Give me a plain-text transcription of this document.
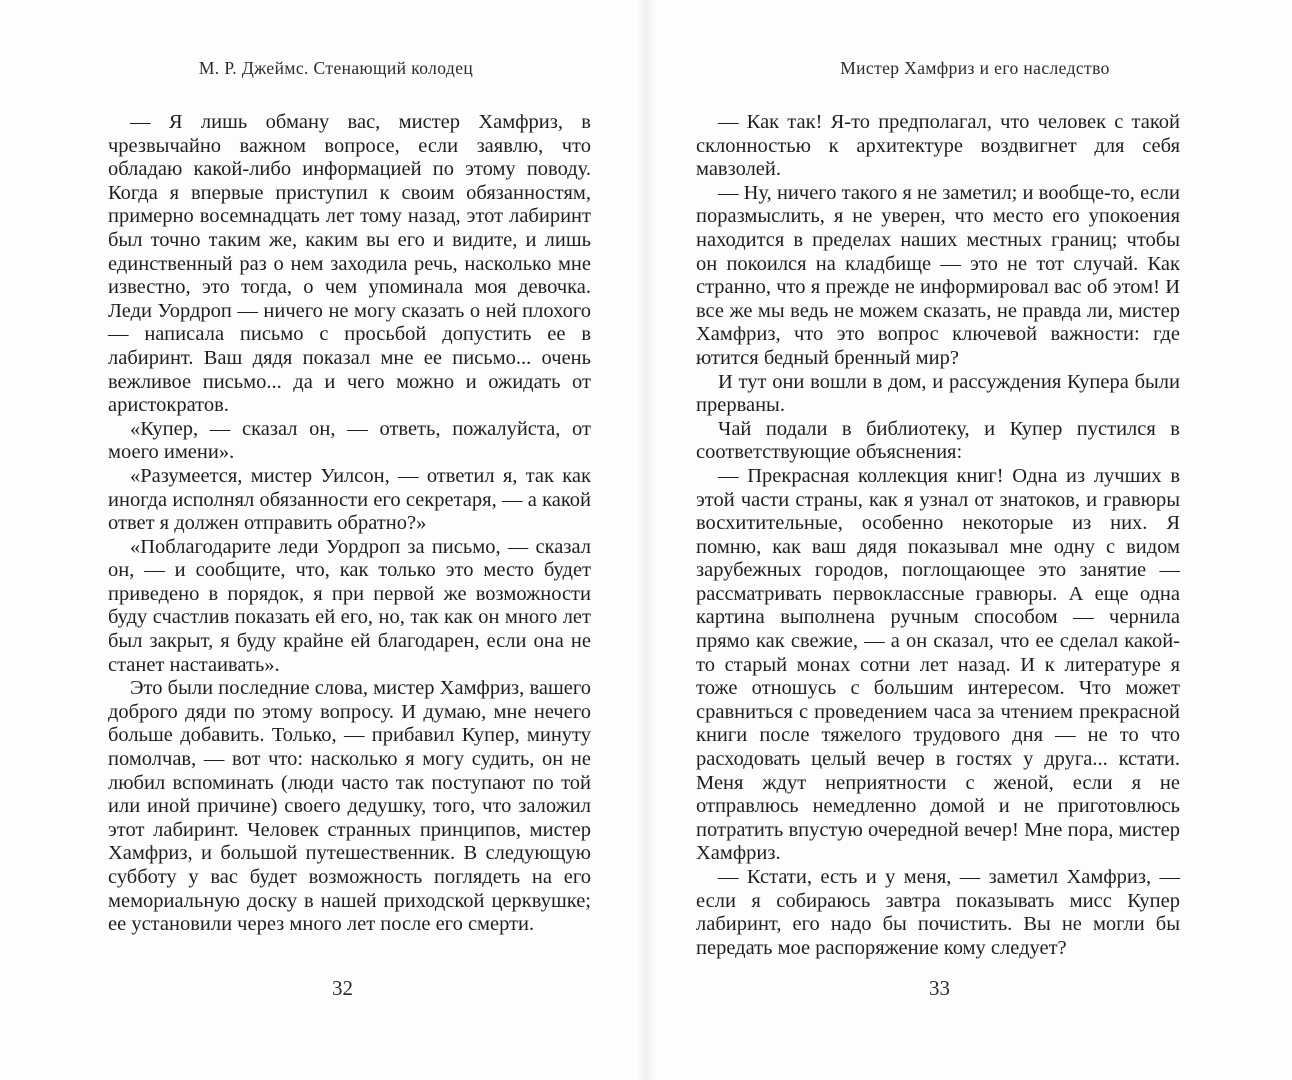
М. Р. Джеймс. Стенающий колодец

— Я лишь обману вас, мистер Хамфриз, в чрезвычайно важном вопросе, если заявлю, что обладаю какой-либо информацией по этому поводу. Когда я впервые приступил к своим обязанностям, примерно восемнадцать лет тому назад, этот лабиринт был точно таким же, каким вы его и видите, и лишь единственный раз о нем заходила речь, насколько мне известно, это тогда, о чем упоминала моя девочка. Леди Уордроп — ничего не могу сказать о ней плохого — написала письмо с просьбой допустить ее в лабиринт. Ваш дядя показал мне ее письмо... очень вежливое письмо... да и чего можно и ожидать от аристократов.

«Купер, — сказал он, — ответь, пожалуйста, от моего имени».

«Разумеется, мистер Уилсон, — ответил я, так как иногда исполнял обязанности его секретаря, — а какой ответ я должен отправить обратно?»

«Поблагодарите леди Уордроп за письмо, — сказал он, — и сообщите, что, как только это место будет приведено в порядок, я при первой же возможности буду счастлив показать ей его, но, так как он много лет был закрыт, я буду крайне ей благодарен, если она не станет настаивать».

Это были последние слова, мистер Хамфриз, вашего доброго дяди по этому вопросу. И думаю, мне нечего больше добавить. Только, — прибавил Купер, минуту помолчав, — вот что: насколько я могу судить, он не любил вспоминать (люди часто так поступают по той или иной причине) своего дедушку, того, что заложил этот лабиринт. Человек странных принципов, мистер Хамфриз, и большой путешественник. В следующую субботу у вас будет возможность поглядеть на его мемориальную доску в нашей приходской церквушке; ее установили через много лет после его смерти.

32
Мистер Хамфриз и его наследство

— Как так! Я-то предполагал, что человек с такой склонностью к архитектуре воздвигнет для себя мавзолей.

— Ну, ничего такого я не заметил; и вообще-то, если поразмыслить, я не уверен, что место его упокоения находится в пределах наших местных границ; чтобы он покоился на кладбище — это не тот случай. Как странно, что я прежде не информировал вас об этом! И все же мы ведь не можем сказать, не правда ли, мистер Хамфриз, что это вопрос ключевой важности: где ютится бедный бренный мир?

И тут они вошли в дом, и рассуждения Купера были прерваны.

Чай подали в библиотеку, и Купер пустился в соответствующие объяснения:

— Прекрасная коллекция книг! Одна из лучших в этой части страны, как я узнал от знатоков, и гравюры восхитительные, особенно некоторые из них. Я помню, как ваш дядя показывал мне одну с видом зарубежных городов, поглощающее это занятие — рассматривать первоклассные гравюры. А еще одна картина выполнена ручным способом — чернила прямо как свежие, — а он сказал, что ее сделал какой-то старый монах сотни лет назад. И к литературе я тоже отношусь с большим интересом. Что может сравниться с проведением часа за чтением прекрасной книги после тяжелого трудового дня — не то что расходовать целый вечер в гостях у друга... кстати. Меня ждут неприятности с женой, если я не отправлюсь немедленно домой и не приготовлюсь потратить впустую очередной вечер! Мне пора, мистер Хамфриз.

— Кстати, есть и у меня, — заметил Хамфриз, — если я собираюсь завтра показывать мисс Купер лабиринт, его надо бы почистить. Вы не могли бы передать мое распоряжение кому следует?

33
